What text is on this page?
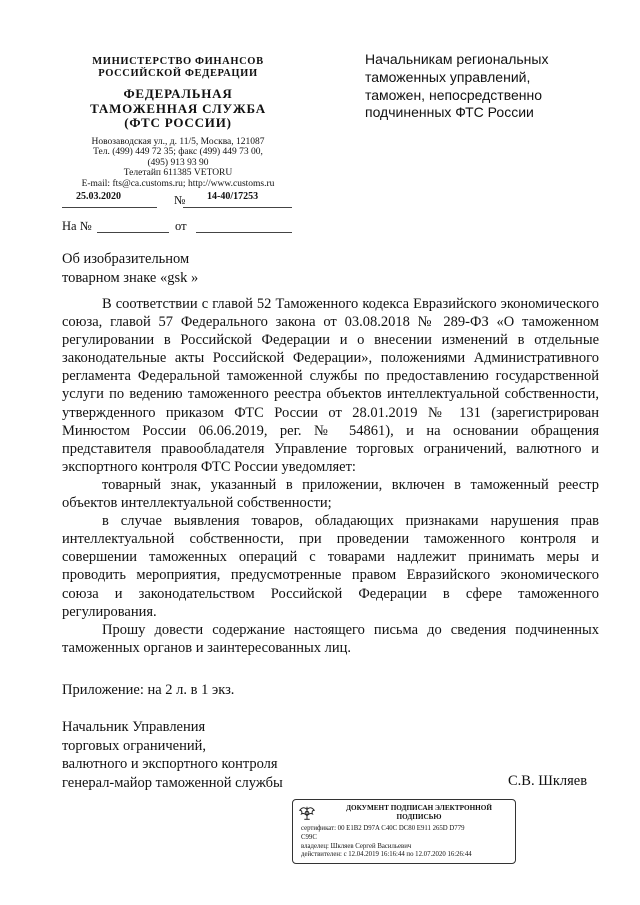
МИНИСТЕРСТВО ФИНАНСОВ
РОССИЙСКОЙ ФЕДЕРАЦИИ
ФЕДЕРАЛЬНАЯ
ТАМОЖЕННАЯ СЛУЖБА
(ФТС РОССИИ)
Новозаводская ул., д. 11/5, Москва, 121087
Тел. (499) 449 72 35; факс (499) 449 73 00,
(495) 913 93 90
Телетайп 611385 VETORU
E-mail: fts@ca.customs.ru; http://www.customs.ru
25.03.2020	№ 14-40/17253
На №	от
Начальникам региональных
таможенных управлений,
таможен, непосредственно
подчиненных ФТС России
Об изобразительном
товарном знаке «gsk »

В соответствии с главой 52 Таможенного кодекса Евразийского экономического союза, главой 57 Федерального закона от 03.08.2018 № 289-ФЗ «О таможенном регулировании в Российской Федерации и о внесении изменений в отдельные законодательные акты Российской Федерации», положениями Административного регламента Федеральной таможенной службы по предоставлению государственной услуги по ведению таможенного реестра объектов интеллектуальной собственности, утвержденного приказом ФТС России от 28.01.2019 № 131 (зарегистрирован Минюстом России 06.06.2019, рег. № 54861), и на основании обращения представителя правообладателя Управление торговых ограничений, валютного и экспортного контроля ФТС России уведомляет:

товарный знак, указанный в приложении, включен в таможенный реестр объектов интеллектуальной собственности;

в случае выявления товаров, обладающих признаками нарушения прав интеллектуальной собственности, при проведении таможенного контроля и совершении таможенных операций с товарами надлежит принимать меры и проводить мероприятия, предусмотренные правом Евразийского экономического союза и законодательством Российской Федерации в сфере таможенного регулирования.

Прошу довести содержание настоящего письма до сведения подчиненных таможенных органов и заинтересованных лиц.

Приложение: на 2 л. в 1 экз.
Начальник Управления
торговых ограничений,
валютного и экспортного контроля
генерал-майор таможенной службы	С.В. Шкляев
ДОКУМЕНТ ПОДПИСАН ЭЛЕКТРОННОЙ
ПОДПИСЬЮ
сертификат: 00 E1B2 D97A C40C DC80 E911 265D D779
C99C
владелец: Шкляев Сергей Васильевич
действителен: с 12.04.2019 16:16:44 по 12.07.2020 16:26:44
